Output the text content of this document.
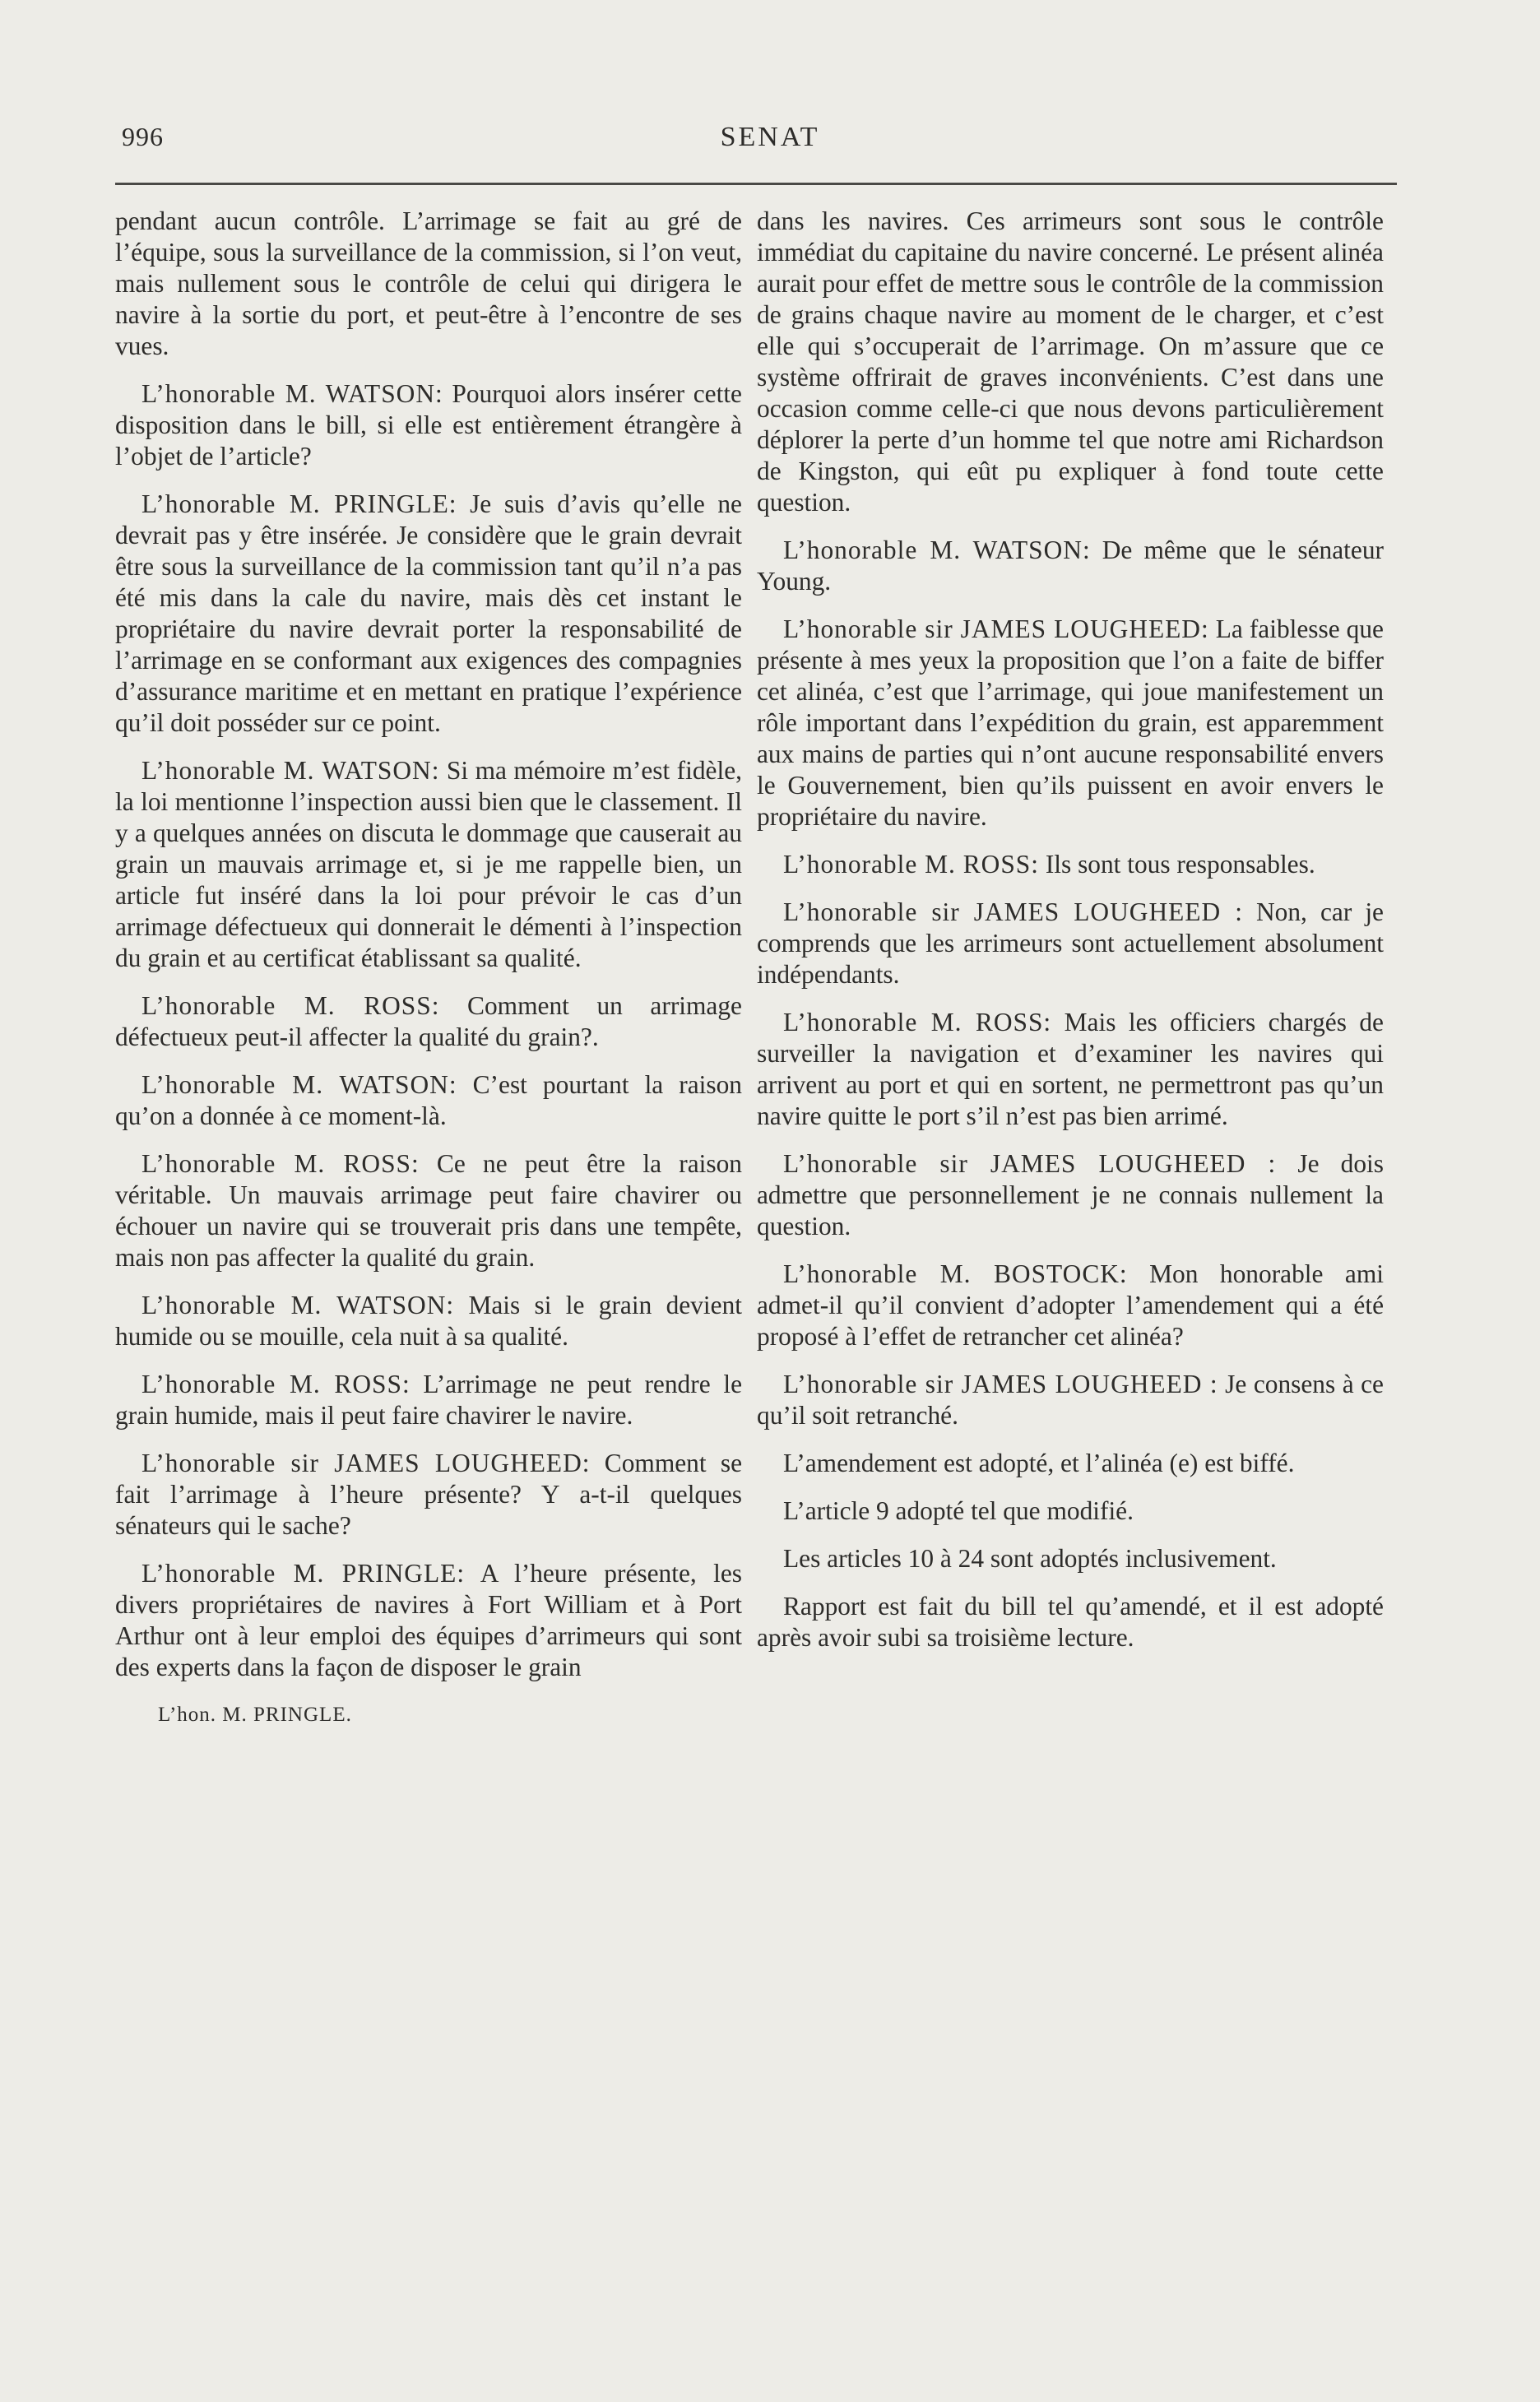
996	SENAT

pendant aucun contrôle. L’arrimage se fait au gré de l’équipe, sous la surveillance de la commission, si l’on veut, mais nullement sous le contrôle de celui qui dirigera le navire à la sortie du port, et peut-être à l’encontre de ses vues.

L’honorable M. WATSON: Pourquoi alors insérer cette disposition dans le bill, si elle est entièrement étrangère à l’objet de l’article?

L’honorable M. PRINGLE: Je suis d’avis qu’elle ne devrait pas y être insérée. Je considère que le grain devrait être sous la surveillance de la commission tant qu’il n’a pas été mis dans la cale du navire, mais dès cet instant le propriétaire du navire devrait porter la responsabilité de l’arrimage en se conformant aux exigences des compagnies d’assurance maritime et en mettant en pratique l’expérience qu’il doit posséder sur ce point.

L’honorable M. WATSON: Si ma mémoire m’est fidèle, la loi mentionne l’inspection aussi bien que le classement. Il y a quelques années on discuta le dommage que causerait au grain un mauvais arrimage et, si je me rappelle bien, un article fut inséré dans la loi pour prévoir le cas d’un arrimage défectueux qui donnerait le démenti à l’inspection du grain et au certificat établissant sa qualité.

L’honorable M. ROSS: Comment un arrimage défectueux peut-il affecter la qualité du grain?.

L’honorable M. WATSON: C’est pourtant la raison qu’on a donnée à ce moment-là.

L’honorable M. ROSS: Ce ne peut être la raison véritable. Un mauvais arrimage peut faire chavirer ou échouer un navire qui se trouverait pris dans une tempête, mais non pas affecter la qualité du grain.

L’honorable M. WATSON: Mais si le grain devient humide ou se mouille, cela nuit à sa qualité.

L’honorable M. ROSS: L’arrimage ne peut rendre le grain humide, mais il peut faire chavirer le navire.

L’honorable sir JAMES LOUGHEED: Comment se fait l’arrimage à l’heure présente? Y a-t-il quelques sénateurs qui le sache?

L’honorable M. PRINGLE: A l’heure présente, les divers propriétaires de navires à Fort William et à Port Arthur ont à leur emploi des équipes d’arrimeurs qui sont des experts dans la façon de disposer le grain

L’hon. M. PRINGLE.

dans les navires. Ces arrimeurs sont sous le contrôle immédiat du capitaine du navire concerné. Le présent alinéa aurait pour effet de mettre sous le contrôle de la commission de grains chaque navire au moment de le charger, et c’est elle qui s’occuperait de l’arrimage. On m’assure que ce système offrirait de graves inconvénients. C’est dans une occasion comme celle-ci que nous devons particulièrement déplorer la perte d’un homme tel que notre ami Richardson de Kingston, qui eût pu expliquer à fond toute cette question.

L’honorable M. WATSON: De même que le sénateur Young.

L’honorable sir JAMES LOUGHEED: La faiblesse que présente à mes yeux la proposition que l’on a faite de biffer cet alinéa, c’est que l’arrimage, qui joue manifestement un rôle important dans l’expédition du grain, est apparemment aux mains de parties qui n’ont aucune responsabilité envers le Gouvernement, bien qu’ils puissent en avoir envers le propriétaire du navire.

L’honorable M. ROSS: Ils sont tous responsables.

L’honorable sir JAMES LOUGHEED : Non, car je comprends que les arrimeurs sont actuellement absolument indépendants.

L’honorable M. ROSS: Mais les officiers chargés de surveiller la navigation et d’examiner les navires qui arrivent au port et qui en sortent, ne permettront pas qu’un navire quitte le port s’il n’est pas bien arrimé.

L’honorable sir JAMES LOUGHEED : Je dois admettre que personnellement je ne connais nullement la question.

L’honorable M. BOSTOCK: Mon honorable ami admet-il qu’il convient d’adopter l’amendement qui a été proposé à l’effet de retrancher cet alinéa?

L’honorable sir JAMES LOUGHEED : Je consens à ce qu’il soit retranché.

L’amendement est adopté, et l’alinéa (e) est biffé.

L’article 9 adopté tel que modifié.

Les articles 10 à 24 sont adoptés inclusivement.

Rapport est fait du bill tel qu’amendé, et il est adopté après avoir subi sa troisième lecture.
